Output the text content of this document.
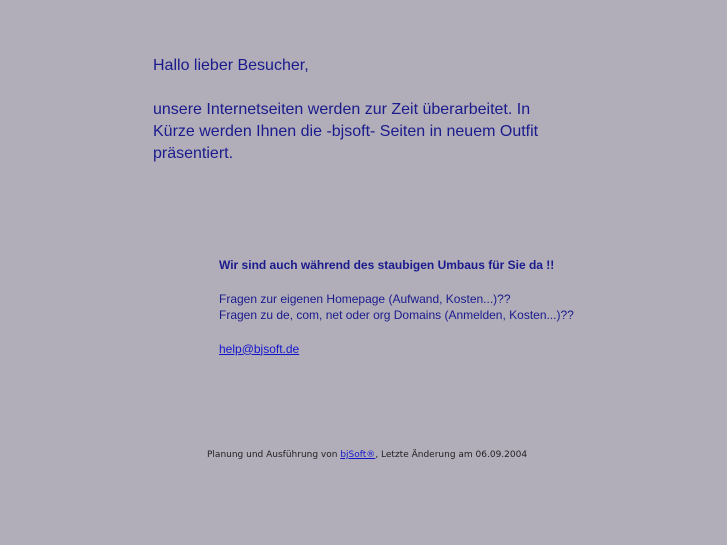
Hallo lieber Besucher,

unsere Internetseiten werden zur Zeit überarbeitet. In Kürze werden Ihnen die -bjsoft- Seiten in neuem Outfit präsentiert.

Wir sind auch während des staubigen Umbaus für Sie da !!

Fragen zur eigenen Homepage (Aufwand, Kosten...)??

Fragen zu de, com, net oder org Domains (Anmelden, Kosten...)??

help@bjsoft.de

Planung und Ausführung von bjSoft®, Letzte Änderung am 06.09.2004
